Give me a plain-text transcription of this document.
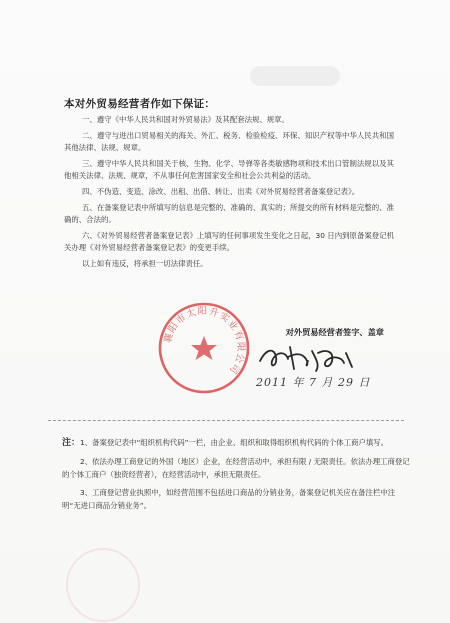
本对外贸易经营者作如下保证：

一、遵守《中华人民共和国对外贸易法》及其配套法规、规章。

二、遵守与进出口贸易相关的海关、外汇、税务、检验检疫、环保、知识产权等中华人民共和国其他法律、法规、规章。

三、遵守中华人民共和国关于核、生物、化学、导弹等各类敏感物项和技术出口管制法规以及其他相关法律、法规、规章，不从事任何危害国家安全和社会公共利益的活动。

四、不伪造、变造、涂改、出租、出借、转让、出卖《对外贸易经营者备案登记表》。

五、在备案登记表中所填写的信息是完整的、准确的、真实的；所提交的所有材料是完整的、准确的、合法的。

六、《对外贸易经营者备案登记表》上填写的任何事项发生变化之日起，30 日内到原备案登记机关办理《对外贸易经营者备案登记表》的变更手续。

以上如有违反，将承担一切法律责任。

襄阳市太阳升实业有限公司
对外贸易经营者签字、盖章
2011 年 7 月 29 日

注：1、备案登记表中“组织机构代码”一栏，由企业、组织和取得组织机构代码的个体工商户填写。

2、依法办理工商登记的外国（地区）企业，在经营活动中，承担有限 / 无限责任。依法办理工商登记的个体工商户（独资经营者），在经营活动中，承担无限责任。

3、工商登记营业执照中，如经营范围不包括进口商品的分销业务，备案登记机关应在备注栏中注明“无进口商品分销业务”。
